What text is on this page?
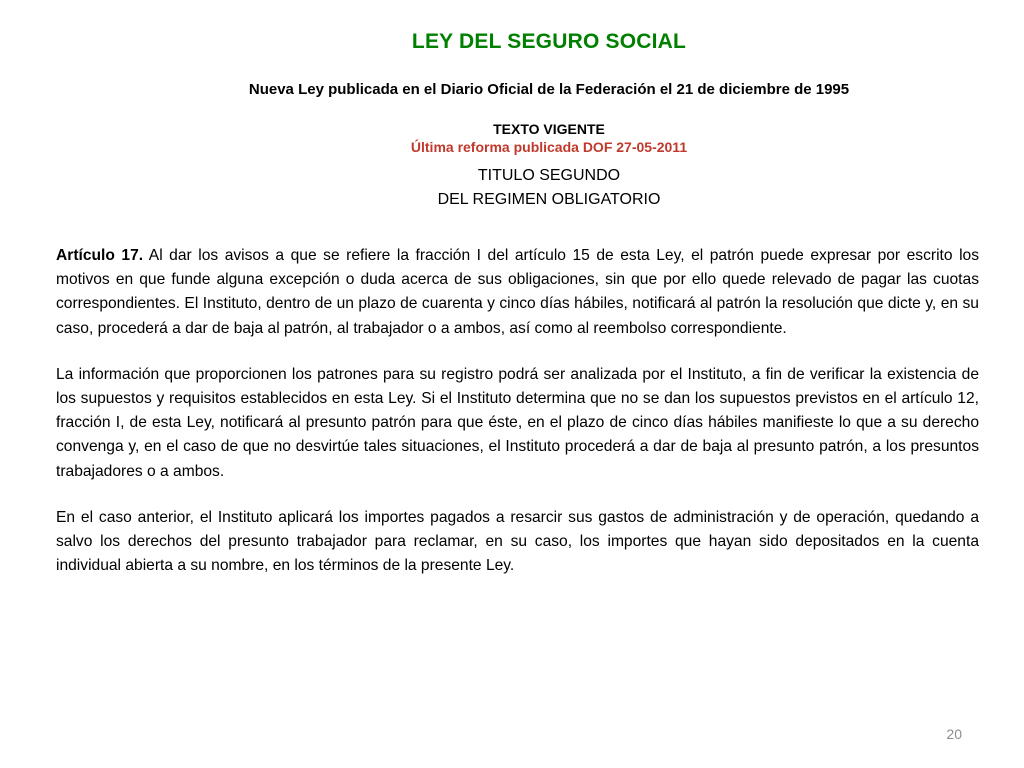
LEY DEL SEGURO SOCIAL
Nueva Ley publicada en el Diario Oficial de la Federación el 21 de diciembre de 1995
TEXTO VIGENTE
Última reforma publicada DOF 27-05-2011
TITULO SEGUNDO
DEL REGIMEN OBLIGATORIO

Artículo 17. Al dar los avisos a que se refiere la fracción I del artículo 15 de esta Ley, el patrón puede expresar por escrito los motivos en que funde alguna excepción o duda acerca de sus obligaciones, sin que por ello quede relevado de pagar las cuotas correspondientes. El Instituto, dentro de un plazo de cuarenta y cinco días hábiles, notificará al patrón la resolución que dicte y, en su caso, procederá a dar de baja al patrón, al trabajador o a ambos, así como al reembolso correspondiente.

La información que proporcionen los patrones para su registro podrá ser analizada por el Instituto, a fin de verificar la existencia de los supuestos y requisitos establecidos en esta Ley. Si el Instituto determina que no se dan los supuestos previstos en el artículo 12, fracción I, de esta Ley, notificará al presunto patrón para que éste, en el plazo de cinco días hábiles manifieste lo que a su derecho convenga y, en el caso de que no desvirtúe tales situaciones, el Instituto procederá a dar de baja al presunto patrón, a los presuntos trabajadores o a ambos.

En el caso anterior, el Instituto aplicará los importes pagados a resarcir sus gastos de administración y de operación, quedando a salvo los derechos del presunto trabajador para reclamar, en su caso, los importes que hayan sido depositados en la cuenta individual abierta a su nombre, en los términos de la presente Ley.

20
